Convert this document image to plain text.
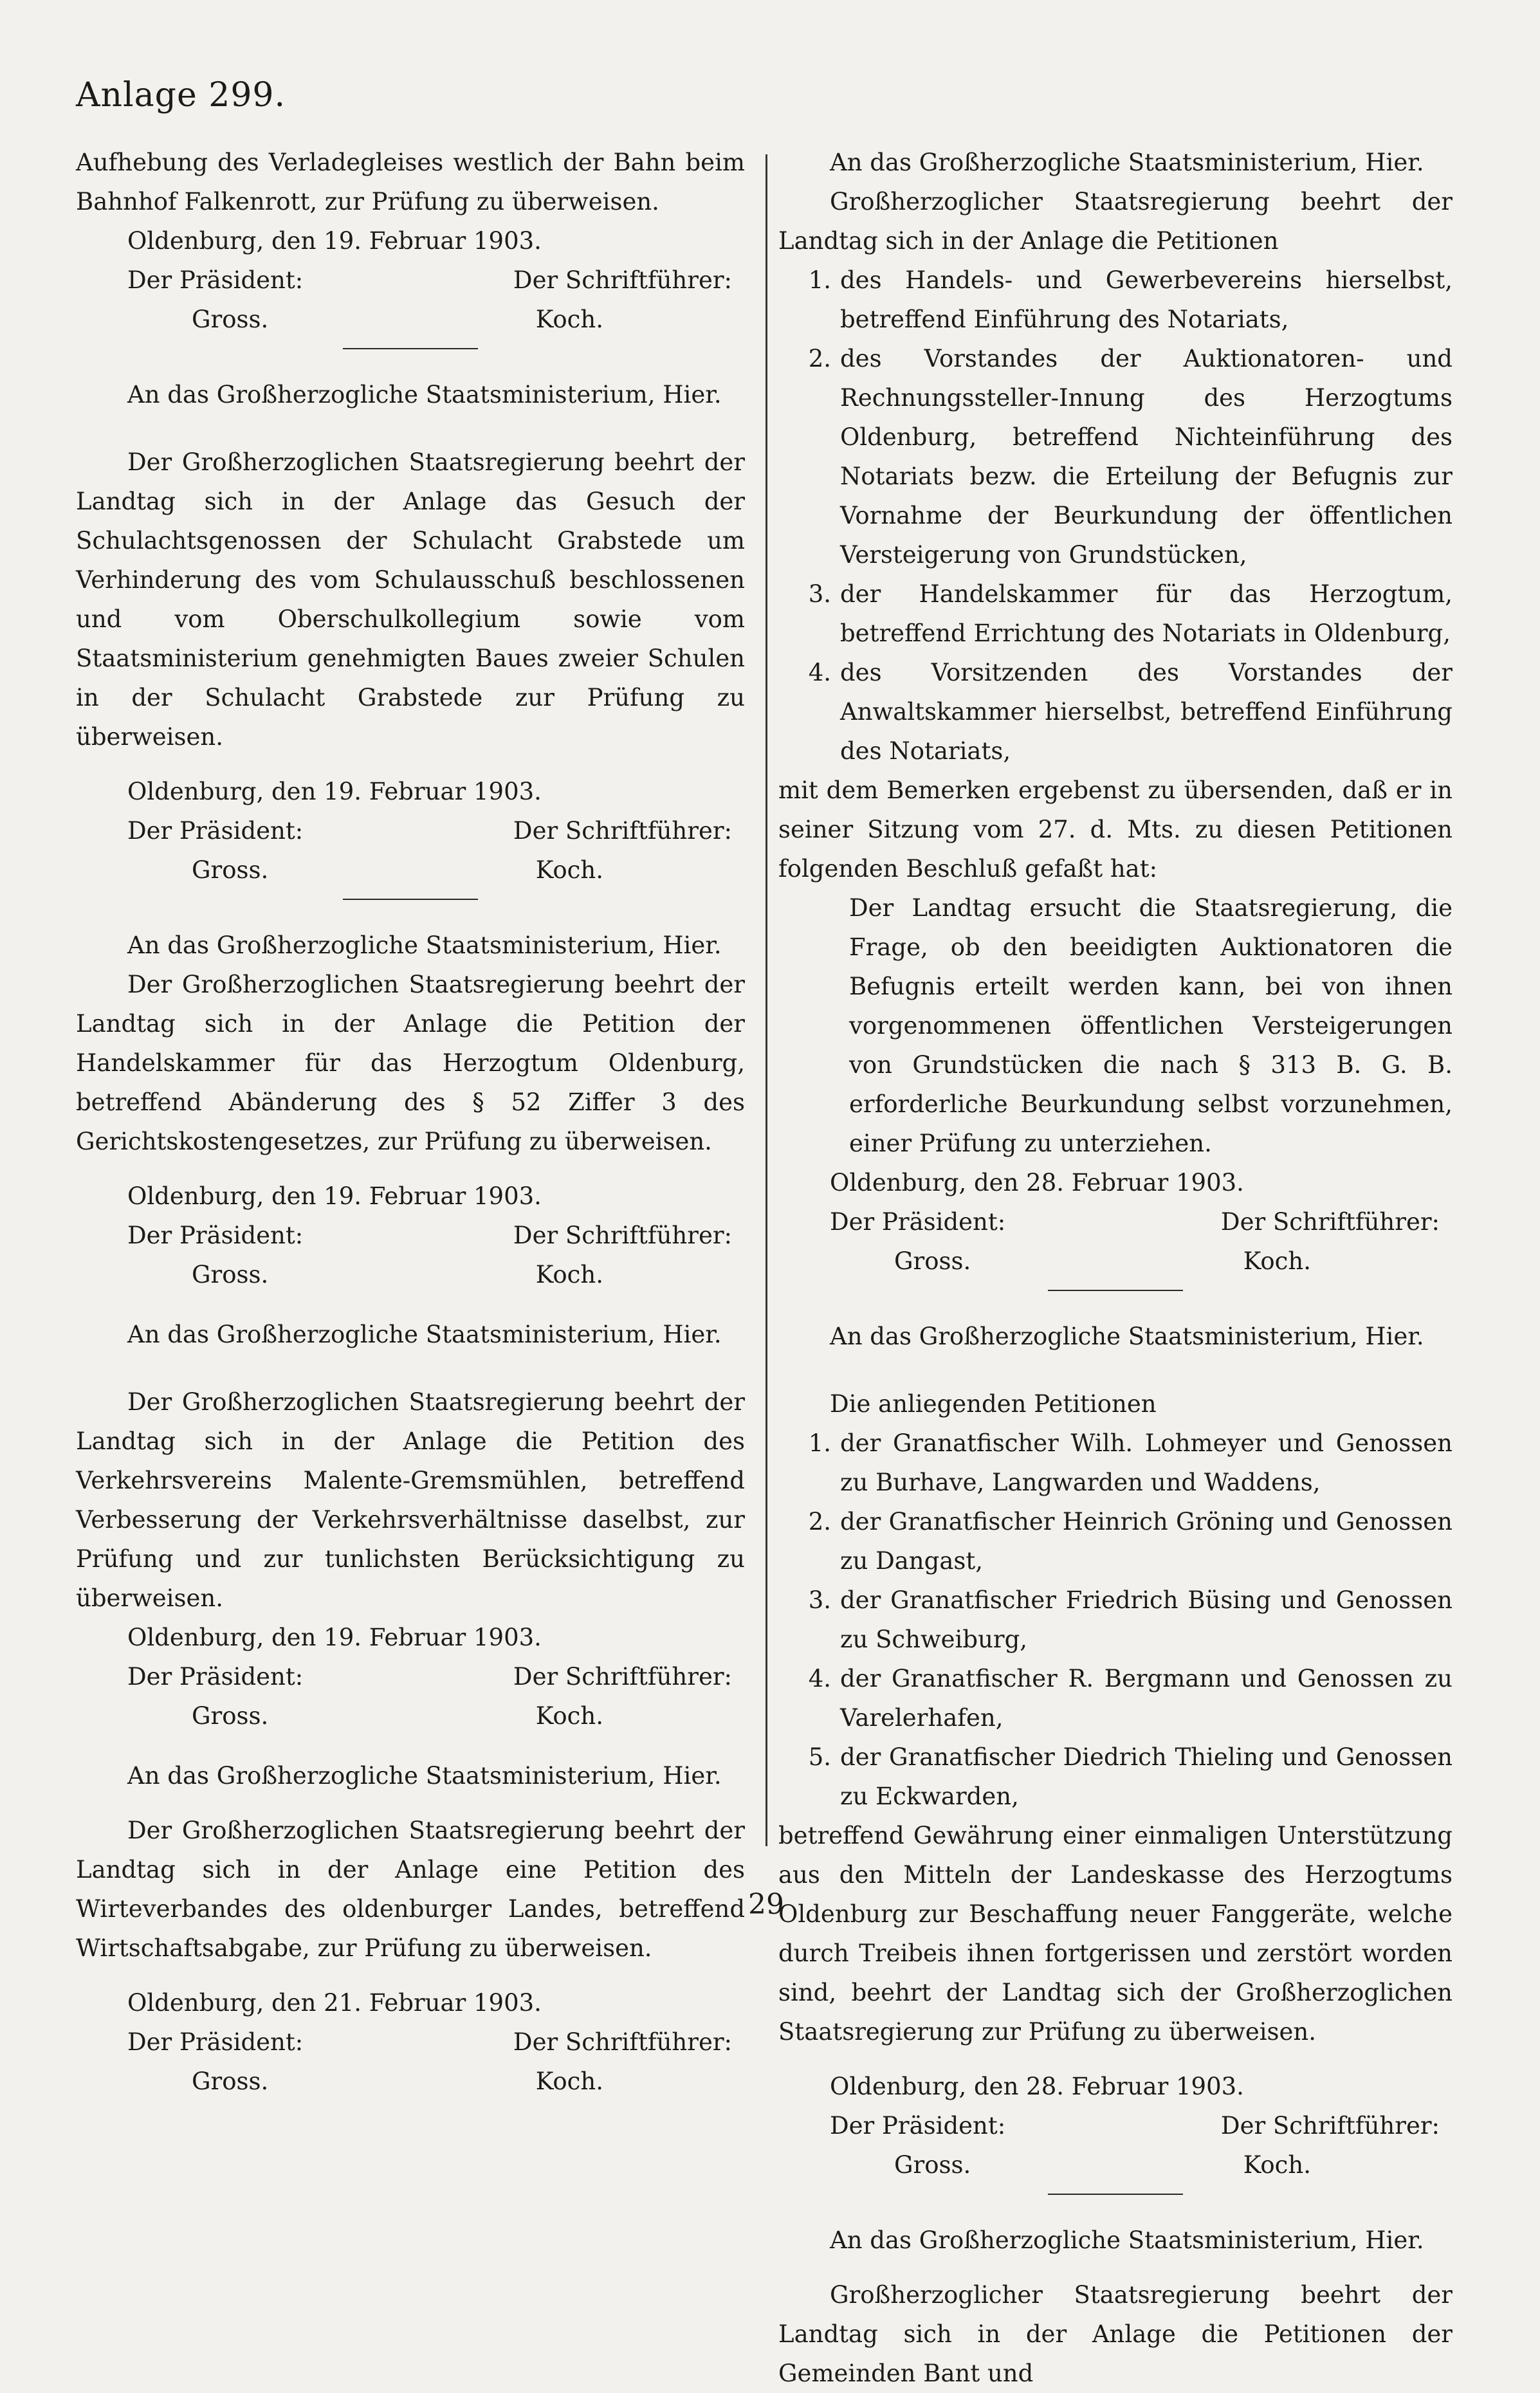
Anlage 299.

Aufhebung des Verladegleises westlich der Bahn beim Bahnhof Falkenrott, zur Prüfung zu überweisen.

Oldenburg, den 19. Februar 1903.

Der Präsident:	Der Schriftführer:
Gross.	Koch.

An das Großherzogliche Staatsministerium, Hier.

Der Großherzoglichen Staatsregierung beehrt der Landtag sich in der Anlage das Gesuch der Schulachtsgenossen der Schulacht Grabstede um Verhinderung des vom Schulausschuß beschlossenen und vom Oberschulkollegium sowie vom Staatsministerium genehmigten Baues zweier Schulen in der Schulacht Grabstede zur Prüfung zu überweisen.

Oldenburg, den 19. Februar 1903.

Der Präsident:	Der Schriftführer:
Gross.	Koch.

An das Großherzogliche Staatsministerium, Hier.

Der Großherzoglichen Staatsregierung beehrt der Landtag sich in der Anlage die Petition der Handelskammer für das Herzogtum Oldenburg, betreffend Abänderung des § 52 Ziffer 3 des Gerichtskostengesetzes, zur Prüfung zu überweisen.

Oldenburg, den 19. Februar 1903.

Der Präsident:	Der Schriftführer:
Gross.	Koch.

An das Großherzogliche Staatsministerium, Hier.

Der Großherzoglichen Staatsregierung beehrt der Landtag sich in der Anlage die Petition des Verkehrsvereins Malente-Gremsmühlen, betreffend Verbesserung der Verkehrsverhältnisse daselbst, zur Prüfung und zur tunlichsten Berücksichtigung zu überweisen.

Oldenburg, den 19. Februar 1903.

Der Präsident:	Der Schriftführer:
Gross.	Koch.

An das Großherzogliche Staatsministerium, Hier.

Der Großherzoglichen Staatsregierung beehrt der Landtag sich in der Anlage eine Petition des Wirteverbandes des oldenburger Landes, betreffend Wirtschaftsabgabe, zur Prüfung zu überweisen.

Oldenburg, den 21. Februar 1903.

Der Präsident:	Der Schriftführer:
Gross.	Koch.

An das Großherzogliche Staatsministerium, Hier.

Großherzoglicher Staatsregierung beehrt der Landtag sich in der Anlage die Petitionen

1. des Handels- und Gewerbevereins hierselbst, betreffend Einführung des Notariats,
2. des Vorstandes der Auktionatoren- und Rechnungssteller-Innung des Herzogtums Oldenburg, betreffend Nichteinführung des Notariats bezw. die Erteilung der Befugnis zur Vornahme der Beurkundung der öffentlichen Versteigerung von Grundstücken,
3. der Handelskammer für das Herzogtum, betreffend Errichtung des Notariats in Oldenburg,
4. des Vorsitzenden des Vorstandes der Anwaltskammer hierselbst, betreffend Einführung des Notariats,

mit dem Bemerken ergebenst zu übersenden, daß er in seiner Sitzung vom 27. d. Mts. zu diesen Petitionen folgenden Beschluß gefaßt hat:

Der Landtag ersucht die Staatsregierung, die Frage, ob den beeidigten Auktionatoren die Befugnis erteilt werden kann, bei von ihnen vorgenommenen öffentlichen Versteigerungen von Grundstücken die nach § 313 B. G. B. erforderliche Beurkundung selbst vorzunehmen, einer Prüfung zu unterziehen.

Oldenburg, den 28. Februar 1903.

Der Präsident:	Der Schriftführer:
Gross.	Koch.

An das Großherzogliche Staatsministerium, Hier.

Die anliegenden Petitionen

1. der Granatfischer Wilh. Lohmeyer und Genossen zu Burhave, Langwarden und Waddens,
2. der Granatfischer Heinrich Gröning und Genossen zu Dangast,
3. der Granatfischer Friedrich Büsing und Genossen zu Schweiburg,
4. der Granatfischer R. Bergmann und Genossen zu Varelerhafen,
5. der Granatfischer Diedrich Thieling und Genossen zu Eckwarden,

betreffend Gewährung einer einmaligen Unterstützung aus den Mitteln der Landeskasse des Herzogtums Oldenburg zur Beschaffung neuer Fanggeräte, welche durch Treibeis ihnen fortgerissen und zerstört worden sind, beehrt der Landtag sich der Großherzoglichen Staatsregierung zur Prüfung zu überweisen.

Oldenburg, den 28. Februar 1903.

Der Präsident:	Der Schriftführer:
Gross.	Koch.

An das Großherzogliche Staatsministerium, Hier.

Großherzoglicher Staatsregierung beehrt der Landtag sich in der Anlage die Petitionen der Gemeinden Bant und

29
